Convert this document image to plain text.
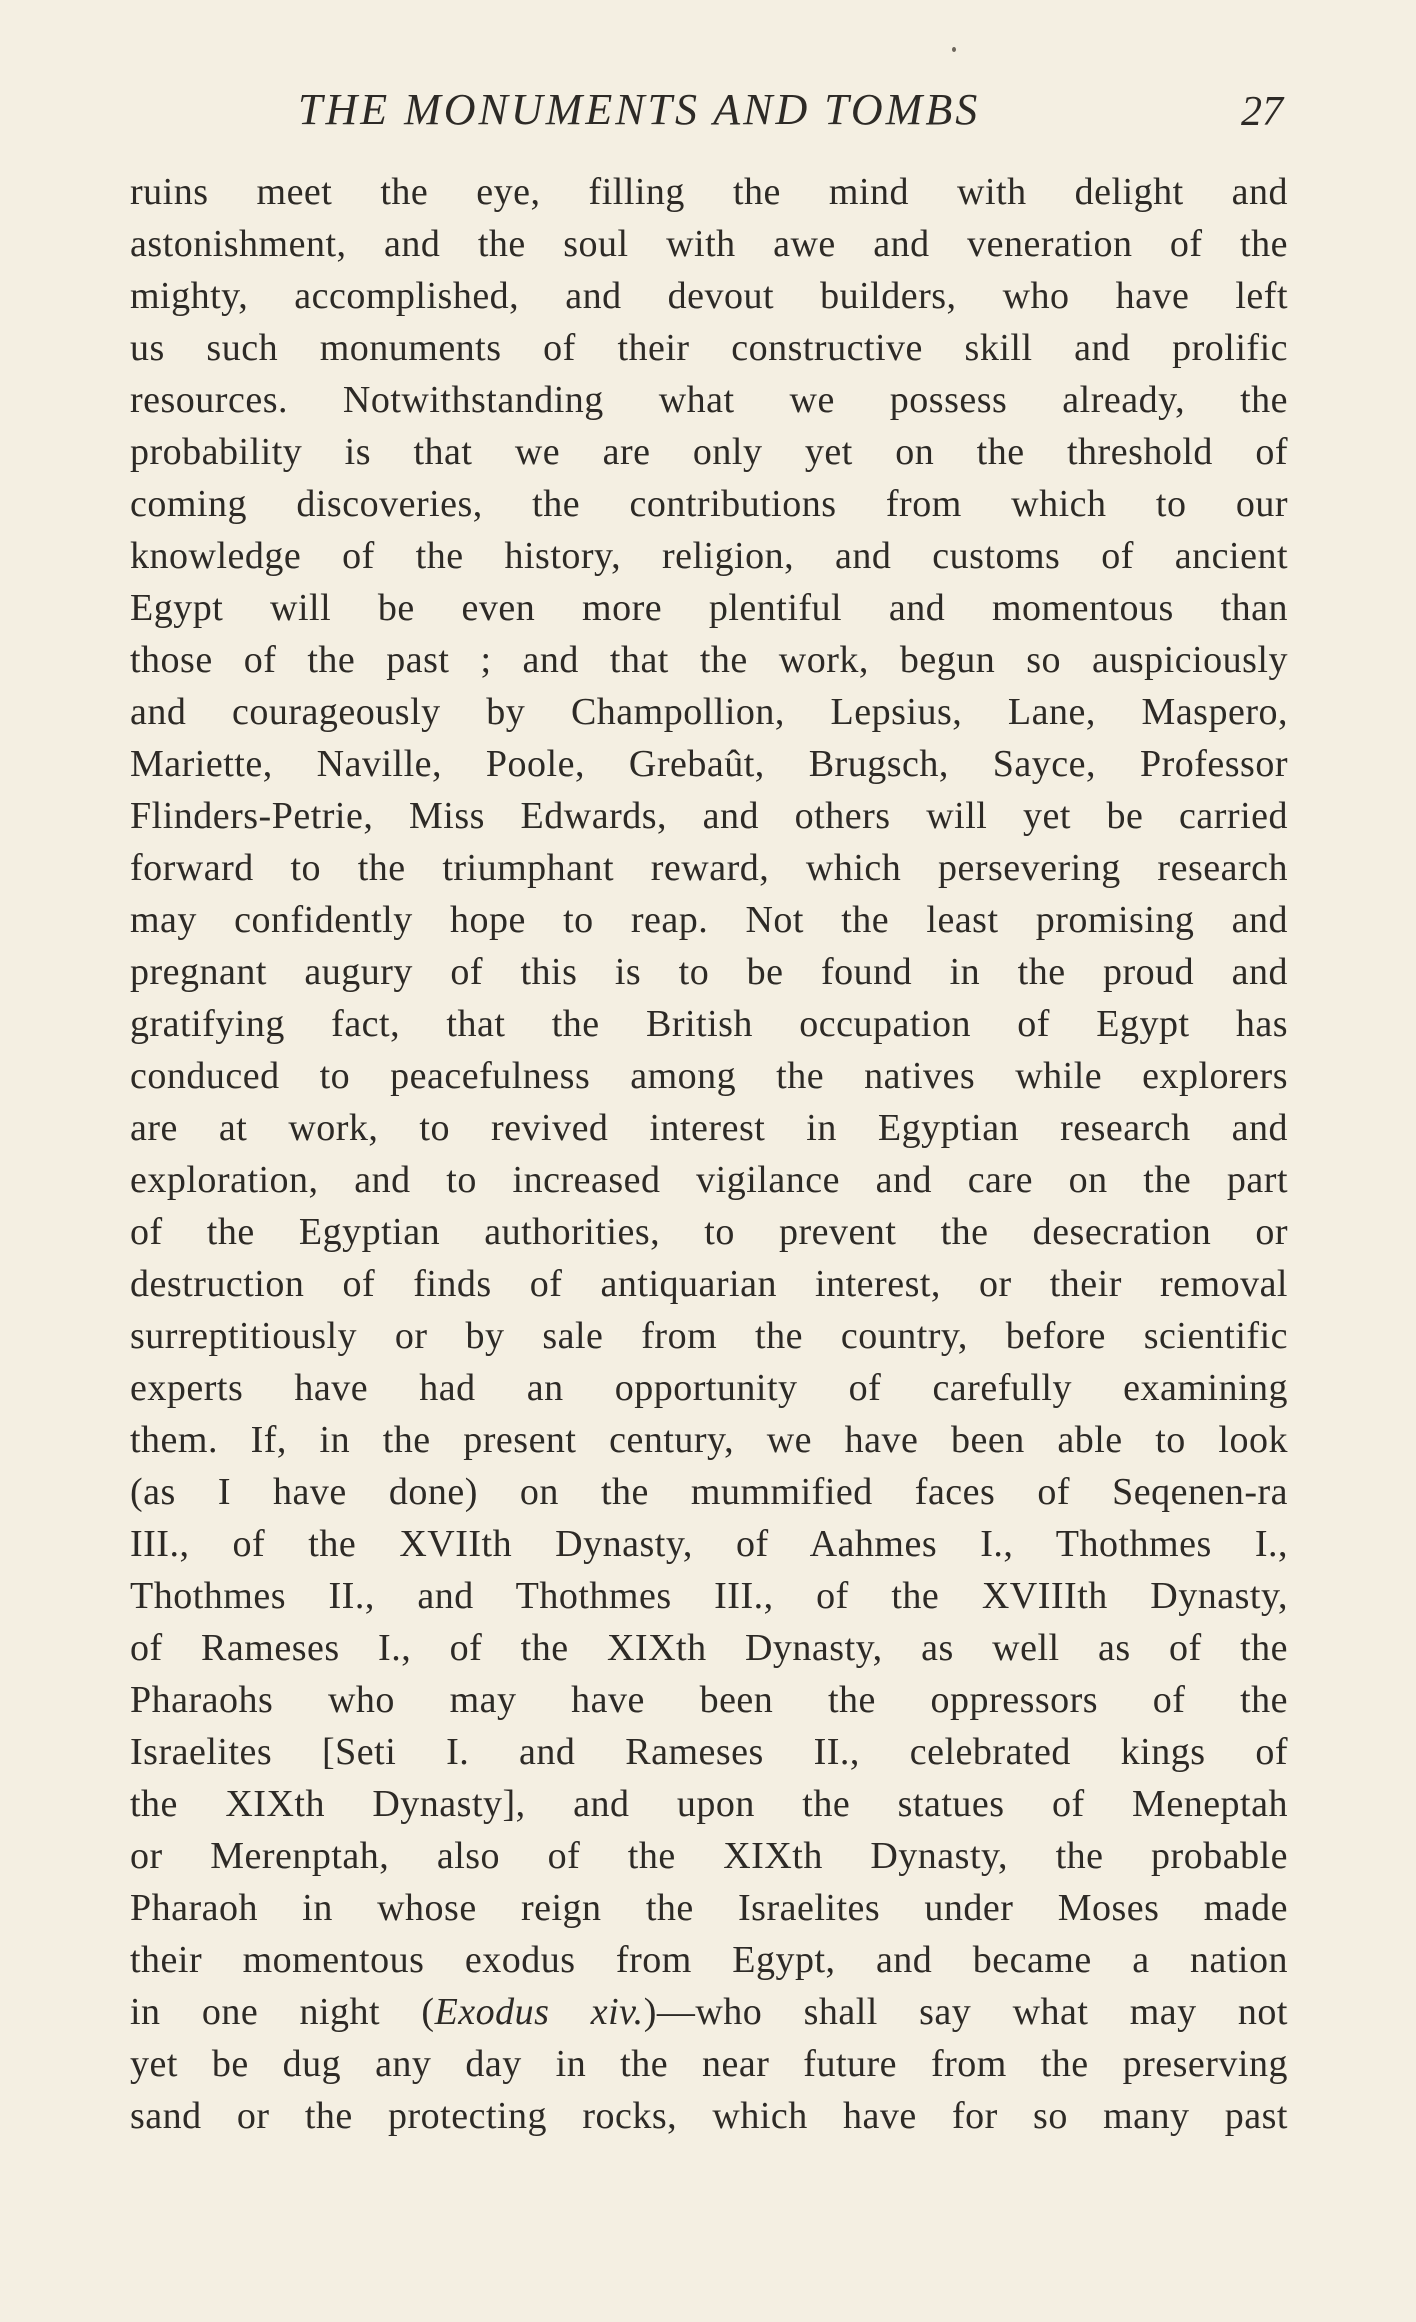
THE MONUMENTS AND TOMBS	27
ruins meet the eye, filling the mind with delight and
astonishment, and the soul with awe and veneration of the
mighty, accomplished, and devout builders, who have left
us such monuments of their constructive skill and prolific
resources. Notwithstanding what we possess already, the
probability is that we are only yet on the threshold of
coming discoveries, the contributions from which to our
knowledge of the history, religion, and customs of ancient
Egypt will be even more plentiful and momentous than
those of the past ; and that the work, begun so auspiciously
and courageously by Champollion, Lepsius, Lane, Maspero,
Mariette, Naville, Poole, Grebaût, Brugsch, Sayce, Professor
Flinders-Petrie, Miss Edwards, and others will yet be carried
forward to the triumphant reward, which persevering research
may confidently hope to reap. Not the least promising and
pregnant augury of this is to be found in the proud and
gratifying fact, that the British occupation of Egypt has
conduced to peacefulness among the natives while explorers
are at work, to revived interest in Egyptian research and
exploration, and to increased vigilance and care on the part
of the Egyptian authorities, to prevent the desecration or
destruction of finds of antiquarian interest, or their removal
surreptitiously or by sale from the country, before scientific
experts have had an opportunity of carefully examining
them. If, in the present century, we have been able to look
(as I have done) on the mummified faces of Seqenen-ra
III., of the XVIIth Dynasty, of Aahmes I., Thothmes I.,
Thothmes II., and Thothmes III., of the XVIIIth Dynasty,
of Rameses I., of the XIXth Dynasty, as well as of the
Pharaohs who may have been the oppressors of the
Israelites [Seti I. and Rameses II., celebrated kings of
the XIXth Dynasty], and upon the statues of Meneptah
or Merenptah, also of the XIXth Dynasty, the probable
Pharaoh in whose reign the Israelites under Moses made
their momentous exodus from Egypt, and became a nation
in one night (Exodus xiv.)—who shall say what may not
yet be dug any day in the near future from the preserving
sand or the protecting rocks, which have for so many past
